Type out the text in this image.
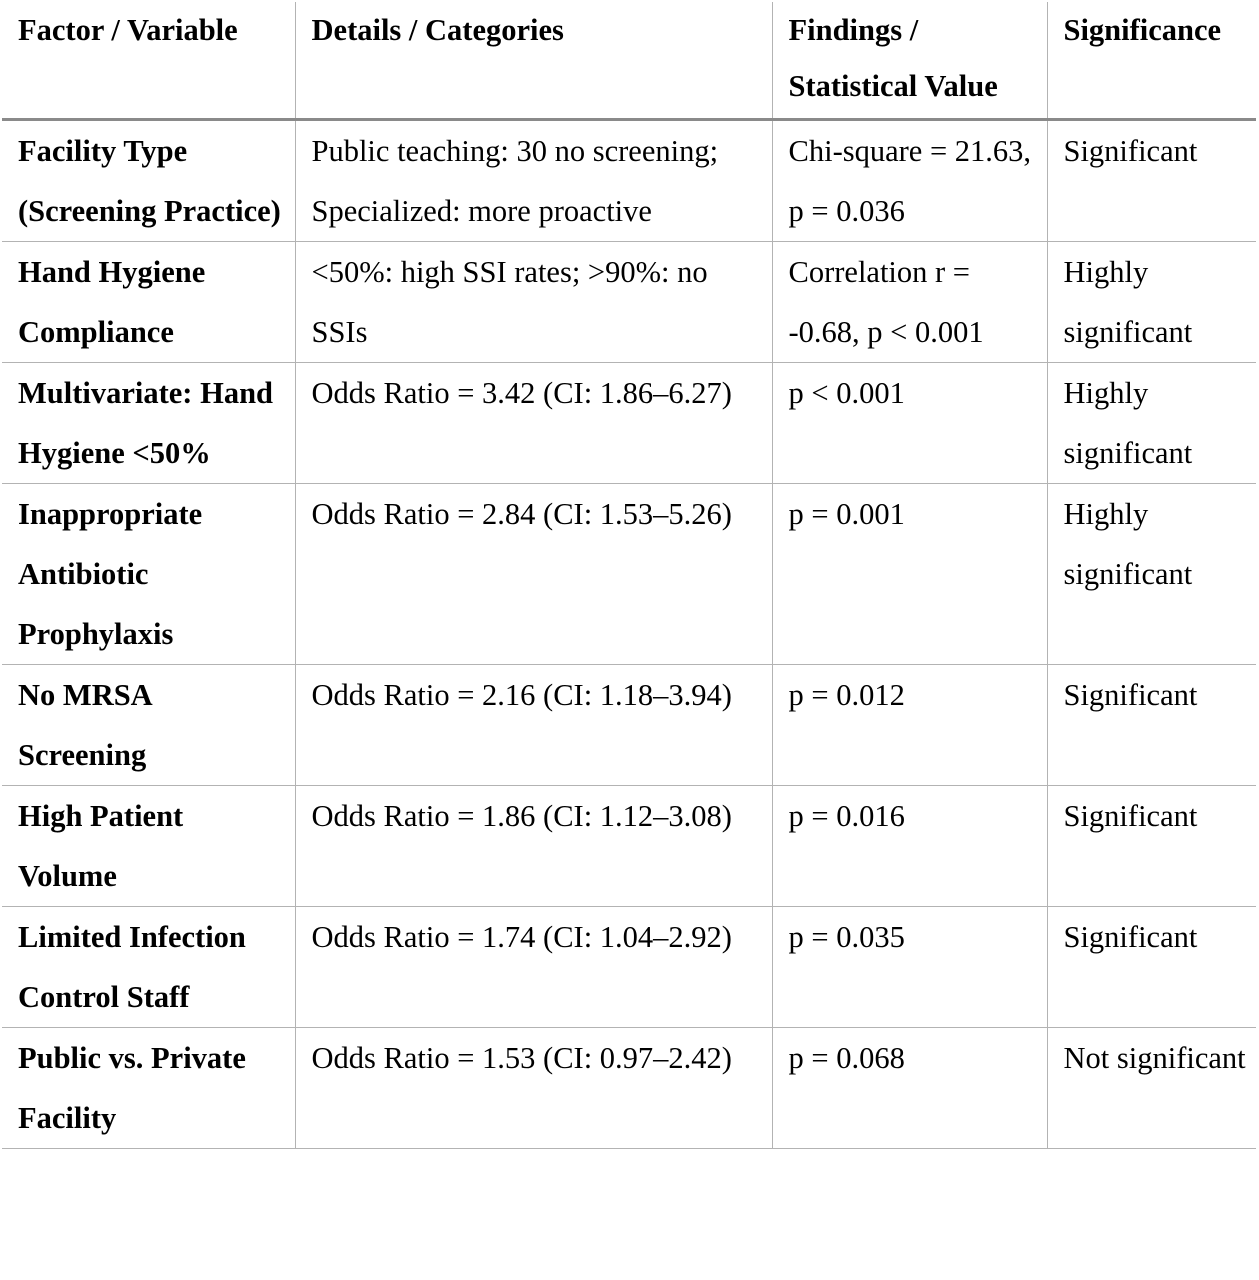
Factor / Variable	Details / Categories	Findings / Statistical Value	Significance
Facility Type (Screening Practice)	Public teaching: 30 no screening; Specialized: more proactive	Chi-square = 21.63, p = 0.036	Significant
Hand Hygiene Compliance	<50%: high SSI rates; >90%: no SSIs	Correlation r = -0.68, p < 0.001	Highly significant
Multivariate: Hand Hygiene <50%	Odds Ratio = 3.42 (CI: 1.86–6.27)	p < 0.001	Highly significant
Inappropriate Antibiotic Prophylaxis	Odds Ratio = 2.84 (CI: 1.53–5.26)	p = 0.001	Highly significant
No MRSA Screening	Odds Ratio = 2.16 (CI: 1.18–3.94)	p = 0.012	Significant
High Patient Volume	Odds Ratio = 1.86 (CI: 1.12–3.08)	p = 0.016	Significant
Limited Infection Control Staff	Odds Ratio = 1.74 (CI: 1.04–2.92)	p = 0.035	Significant
Public vs. Private Facility	Odds Ratio = 1.53 (CI: 0.97–2.42)	p = 0.068	Not significant
